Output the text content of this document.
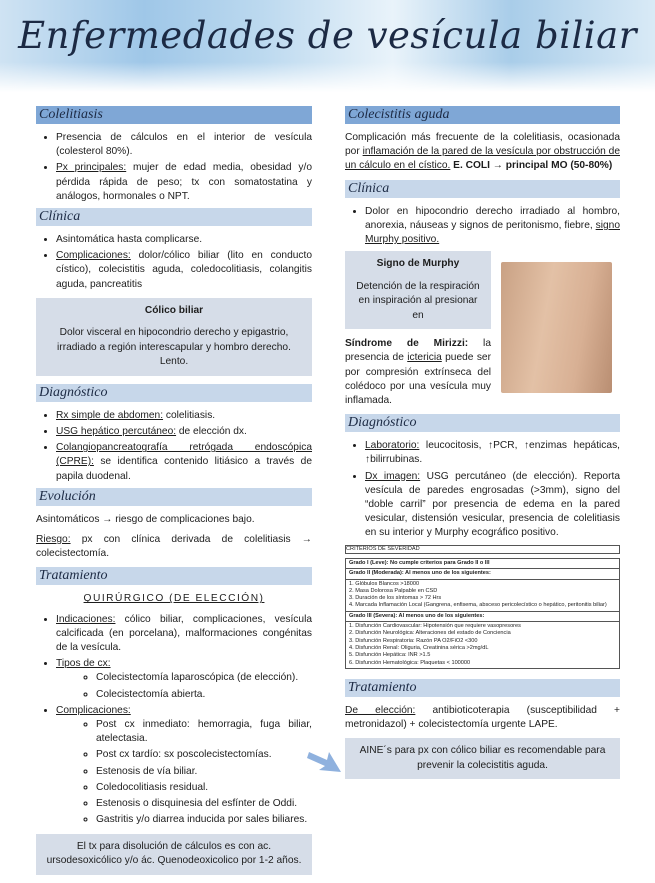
Enfermedades de vesícula biliar
Colelitiasis
• Presencia de cálculos en el interior de vesícula (colesterol 80%).
• Px principales: mujer de edad media, obesidad y/o pérdida rápida de peso; tx con somatostatina y análogos, hormonales o NPT.
Clínica
• Asintomática hasta complicarse.
• Complicaciones: dolor/cólico biliar (lito en conducto cístico), colecistitis aguda, coledocolitiasis, colangitis aguda, pancreatitis
Cólico biliar
Dolor visceral en hipocondrio derecho y epigastrio, irradiado a región interescapular y hombro derecho. Lento.
Diagnóstico
• Rx simple de abdomen: colelitiasis.
• USG hepático percutáneo: de elección dx.
• Colangiopancreatografía retrógada endoscópica (CPRE): se identifica contenido litiásico a través de papila duodenal.
Evolución

Asintomáticos → riesgo de complicaciones bajo.

Riesgo: px con clínica derivada de colelitiasis → colecistectomía.

Tratamiento
QUIRÚRGICO (DE ELECCIÓN)
• Indicaciones: cólico biliar, complicaciones, vesícula calcificada (en porcelana), malformaciones congénitas de la vesícula.
• Tipos de cx:
◦ Colecistectomía laparoscópica (de elección).
◦ Colecistectomía abierta.
• Complicaciones:
◦ Post cx inmediato: hemorragia, fuga biliar, atelectasia.
◦ Post cx tardío: sx poscolecistectomías.
◦ Estenosis de vía biliar.
◦ Coledocolitiasis residual.
◦ Estenosis o disquinesia del esfínter de Oddi.
◦ Gastritis y/o diarrea inducida por sales biliares.
El tx para disolución de cálculos es con ac. ursodesoxicólico y/o ác. Quenodeoxicolico por 1-2 años.
Colecistitis aguda

Complicación más frecuente de la colelitiasis, ocasionada por inflamación de la pared de la vesícula por obstrucción de un cálculo en el cístico. E. COLI → principal MO (50-80%)

Clínica
• Dolor en hipocondrio derecho irradiado al hombro, anorexia, náuseas y signos de peritonismo, fiebre, signo Murphy positivo.
Signo de Murphy
Detención de la respiración en inspiración al presionar en

Síndrome de Mirizzi: la presencia de ictericia puede ser por compresión extrínseca del colédoco por una vesícula muy inflamada.

Diagnóstico
• Laboratorio: leucocitosis, ↑PCR, ↑enzimas hepáticas, ↑bilirrubinas.
• Dx imagen: USG percutáneo (de elección). Reporta vesícula de paredes engrosadas (>3mm), signo del “doble carril” por presencia de edema en la pared vesicular, distensión vesicular, presencia de colelitiasis en su interior y Murphy ecográfico positivo.
CRITERIOS DE SEVERIDAD
Grado I (Leve): No cumple criterios para Grado II o III
Grado II (Moderada): Al menos uno de los siguientes:
1. Glóbulos Blancos >18000
2. Masa Dolorosa Palpable en CSD
3. Duración de los síntomas > 72 Hrs
4. Marcada Inflamación Local (Gangrena, enfisema, absceso pericolecístico o hepático, peritonitis biliar)
Grado III (Severa): Al menos uno de los siguientes:
1. Disfunción Cardiovascular: Hipotensión que requiere vasopresores
2. Disfunción Neurológica: Alteraciones del estado de Conciencia
3. Disfunción Respiratoria: Razón PA O2/FiO2 <300
4. Disfunción Renal: Oliguria, Creatinina sérica >2mg/dL
5. Disfunción Hepática: INR >1.5
6. Disfunción Hematológica: Plaquetas < 100000
Tratamiento

De elección: antibioticoterapia (susceptibilidad + metronidazol) + colecistectomía urgente LAPE.

AINE´s para px con cólico biliar es recomendable para prevenir la colecistitis aguda.
